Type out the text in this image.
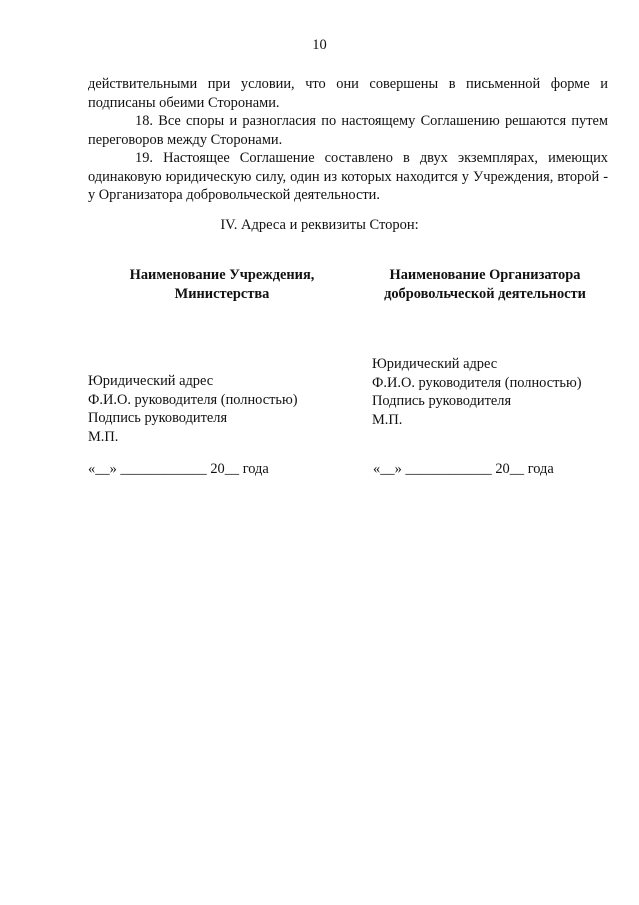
10

действительными при условии, что они совершены в письменной форме и подписаны обеими Сторонами.

18. Все споры и разногласия по настоящему Соглашению решаются путем переговоров между Сторонами.

19. Настоящее Соглашение составлено в двух экземплярах, имеющих одинаковую юридическую силу, один из которых находится у Учреждения, второй - у Организатора добровольческой деятельности.

IV. Адреса и реквизиты Сторон:
Наименование Учреждения,
Министерства
Юридический адрес
Ф.И.О. руководителя (полностью)
Подпись руководителя
М.П.
Наименование Организатора
добровольческой деятельности
Юридический адрес
Ф.И.О. руководителя (полностью)
Подпись руководителя
М.П.
«__» ____________ 20__ года	«__» ____________ 20__ года
